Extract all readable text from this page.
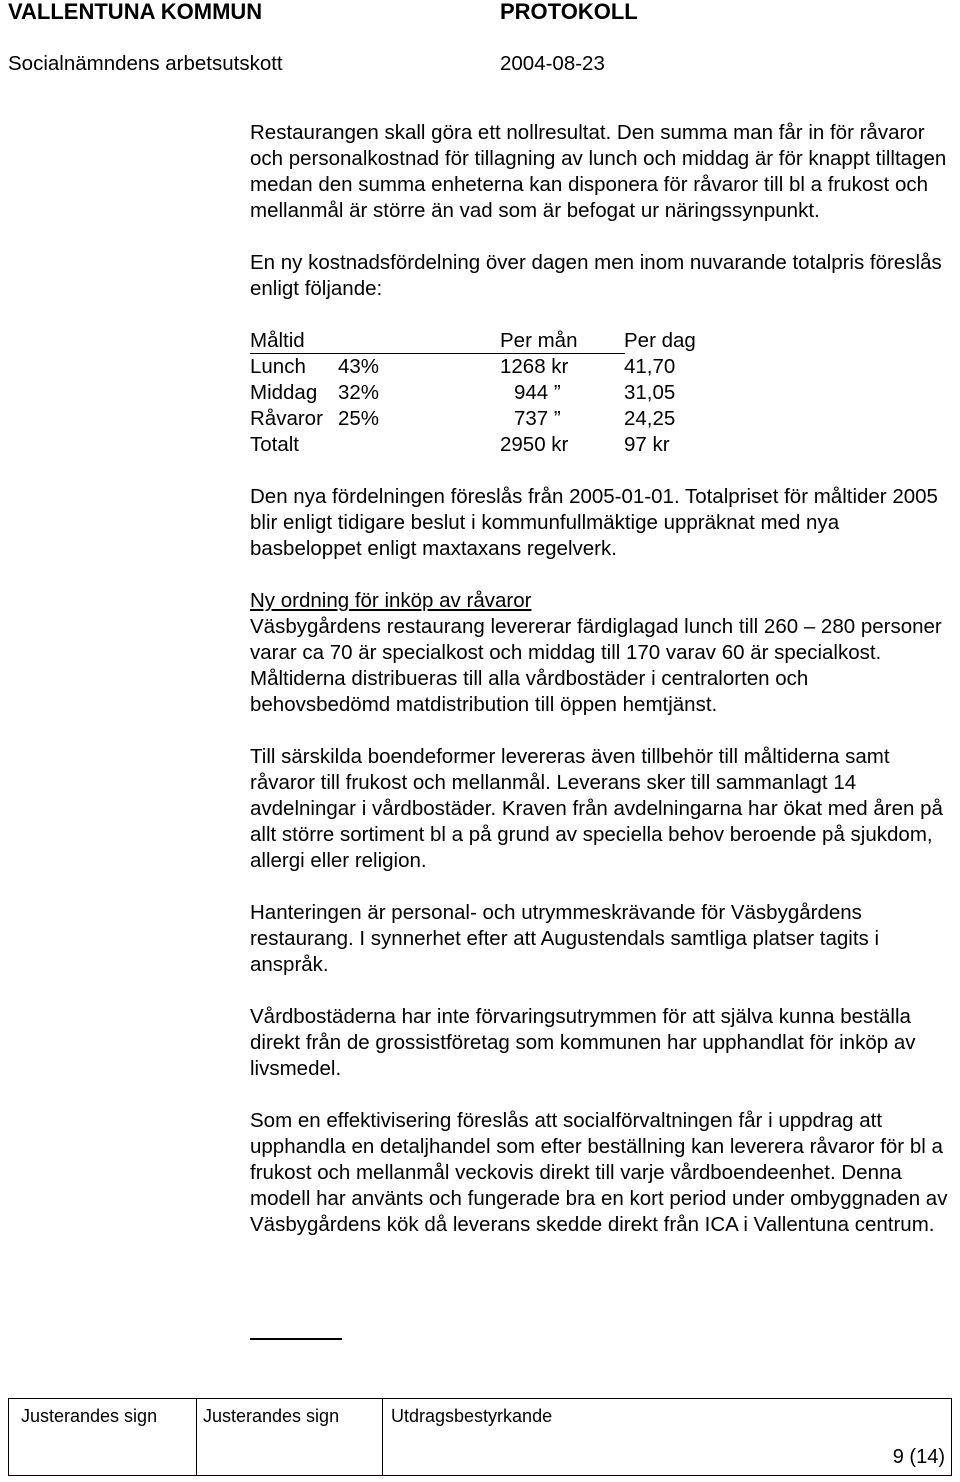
VALLENTUNA KOMMUN	PROTOKOLL
Socialnämndens arbetsutskott	2004-08-23

Restaurangen skall göra ett nollresultat. Den summa man får in för råvaror och personalkostnad för tillagning av lunch och middag är för knappt tilltagen medan den summa enheterna kan disponera för råvaror till bl a frukost och mellanmål är större än vad som är befogat ur näringssynpunkt.

En ny kostnadsfördelning över dagen men inom nuvarande totalpris föreslås enligt följande:

Måltid	Per mån Per dag
Lunch 43%	1268 kr	41,70
Middag 32%	944 ”	31,05
Råvaror 25%	737 ”	24,25
Totalt	2950 kr	97 kr

Den nya fördelningen föreslås från 2005-01-01. Totalpriset för måltider 2005 blir enligt tidigare beslut i kommunfullmäktige uppräknat med nya basbeloppet enligt maxtaxans regelverk.

Ny ordning för inköp av råvaror

Väsbygårdens restaurang levererar färdiglagad lunch till 260 – 280 personer varar ca 70 är specialkost och middag till 170 varav 60 är specialkost.

Måltiderna distribueras till alla vårdbostäder i centralorten och behovsbedömd matdistribution till öppen hemtjänst.

Till särskilda boendeformer levereras även tillbehör till måltiderna samt råvaror till frukost och mellanmål. Leverans sker till sammanlagt 14 avdelningar i vårdbostäder. Kraven från avdelningarna har ökat med åren på allt större sortiment bl a på grund av speciella behov beroende på sjukdom, allergi eller religion.

Hanteringen är personal- och utrymmeskrävande för Väsbygårdens restaurang. I synnerhet efter att Augustendals samtliga platser tagits i anspråk.

Vårdbostäderna har inte förvaringsutrymmen för att själva kunna beställa direkt från de grossistföretag som kommunen har upphandlat för inköp av livsmedel.

Som en effektivisering föreslås att socialförvaltningen får i uppdrag att upphandla en detaljhandel som efter beställning kan leverera råvaror för bl a frukost och mellanmål veckovis direkt till varje vårdboendeenhet. Denna modell har använts och fungerade bra en kort period under ombyggnaden av Väsbygårdens kök då leverans skedde direkt från ICA i Vallentuna centrum.

Justerandes sign	Justerandes sign	Utdragsbestyrkande
9 (14)
